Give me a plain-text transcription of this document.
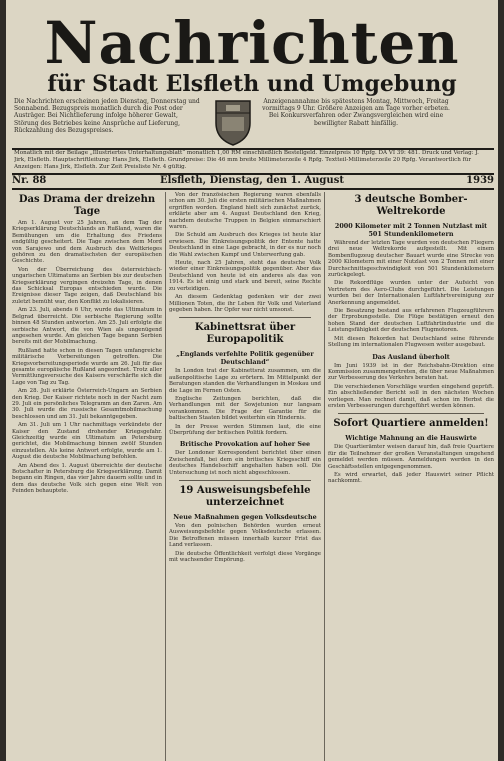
Nachrichten
für Stadt Elsfleth und Umgebung
Die Nachrichten erscheinen jeden Dienstag, Donnerstag und Sonnabend. Bezugspreis monatlich durch die Post oder Austräger. Bei Nichtlieferung infolge höherer Gewalt, Störung des Betriebes keine Ansprüche auf Lieferung, Rückzahlung des Bezugspreises.
Anzeigenannahme bis spätestens Montag, Mittwoch, Freitag vormittags 9 Uhr. Größere Anzeigen am Tage vorher erbeten. Bei Konkursverfahren oder Zwangsvergleichen wird eine bewilligter Rabatt hinfällig.
Monatlich mit der Beilage „Illustriertes Unterhaltungsblatt“ monatlich 1,00 RM einschließlich Bestellgeld. Einzelpreis 10 Rpfg. DA VI 39: 481. Druck und Verlag: J. Jirk, Elsfleth. Hauptschriftleitung: Hans Jirk, Elsfleth. Grundpreise: Die 46 mm breite Millimeterzeile 4 Rpfg. Textteil-Millimeterzeile 20 Rpfg. Verantwortlich für Anzeigen: Hans Jirk, Elsfleth. Zur Zeit Preisliste Nr. 4 gültig.
Nr. 88	Elsfleth, Dienstag, den 1. August	1939
Das Drama der dreizehn Tage

Am 1. August vor 25 Jahren, an dem Tag der Kriegserklärung Deutschlands an Rußland, waren die Bemühungen um die Erhaltung des Friedens endgültig gescheitert. Die Tage zwischen dem Mord von Sarajewo und dem Ausbruch des Weltkrieges gehören zu den dramatischsten der europäischen Geschichte.

Von der Überreichung des österreichisch-ungarischen Ultimatums an Serbien bis zur deutschen Kriegserklärung vergingen dreizehn Tage, in denen das Schicksal Europas entschieden wurde. Die Ereignisse dieser Tage zeigen, daß Deutschland bis zuletzt bemüht war, den Konflikt zu lokalisieren.

Am 23. Juli, abends 6 Uhr, wurde das Ultimatum in Belgrad überreicht. Die serbische Regierung sollte binnen 48 Stunden antworten. Am 25. Juli erfolgte die serbische Antwort, die von Wien als ungenügend angesehen wurde. Am gleichen Tage begann Serbien bereits mit der Mobilmachung.

Rußland hatte schon in diesen Tagen umfangreiche militärische Vorbereitungen getroffen. Die Kriegsvorbereitungsperiode wurde am 26. Juli für das gesamte europäische Rußland angeordnet. Trotz aller Vermittlungsversuche des Kaisers verschärfte sich die Lage von Tag zu Tag.

Am 28. Juli erklärte Österreich-Ungarn an Serbien den Krieg. Der Kaiser richtete noch in der Nacht zum 29. Juli ein persönliches Telegramm an den Zaren. Am 30. Juli wurde die russische Gesamtmobilmachung beschlossen und am 31. Juli bekanntgegeben.

Am 31. Juli um 1 Uhr nachmittags verkündete der Kaiser den Zustand drohender Kriegsgefahr. Gleichzeitig wurde ein Ultimatum an Petersburg gerichtet, die Mobilmachung binnen zwölf Stunden einzustellen. Als keine Antwort erfolgte, wurde am 1. August die deutsche Mobilmachung befohlen.

Am Abend des 1. August überreichte der deutsche Botschafter in Petersburg die Kriegserklärung. Damit begann ein Ringen, das vier Jahre dauern sollte und in dem das deutsche Volk sich gegen eine Welt von Feinden behauptete.

Von der französischen Regierung waren ebenfalls schon am 30. Juli die ersten militärischen Maßnahmen ergriffen worden. England hielt sich zunächst zurück, erklärte aber am 4. August Deutschland den Krieg, nachdem deutsche Truppen in Belgien einmarschiert waren.

Die Schuld am Ausbruch des Krieges ist heute klar erwiesen. Die Einkreisungspolitik der Entente hatte Deutschland in eine Lage gebracht, in der es nur noch die Wahl zwischen Kampf und Unterwerfung gab.

Heute, nach 25 Jahren, steht das deutsche Volk wieder einer Einkreisungspolitik gegenüber. Aber das Deutschland von heute ist ein anderes als das von 1914. Es ist einig und stark und bereit, seine Rechte zu verteidigen.

An diesem Gedenktag gedenken wir der zwei Millionen Toten, die ihr Leben für Volk und Vaterland gegeben haben. Ihr Opfer war nicht umsonst.

Kabinettsrat über Europapolitik
„Englands verfehlte Politik gegenüber Deutschland“

In London trat der Kabinettsrat zusammen, um die außenpolitische Lage zu erörtern. Im Mittelpunkt der Beratungen standen die Verhandlungen in Moskau und die Lage im Fernen Osten.

Englische Zeitungen berichten, daß die Verhandlungen mit der Sowjetunion nur langsam vorankommen. Die Frage der Garantie für die baltischen Staaten bildet weiterhin ein Hindernis.

In der Presse werden Stimmen laut, die eine Überprüfung der britischen Politik fordern.

Britische Provokation auf hoher See

Der Londoner Korrespondent berichtet über einen Zwischenfall, bei dem ein britisches Kriegsschiff ein deutsches Handelsschiff angehalten haben soll. Die Untersuchung ist noch nicht abgeschlossen.

19 Ausweisungsbefehle unterzeichnet
Neue Maßnahmen gegen Volksdeutsche

Von den polnischen Behörden wurden erneut Ausweisungsbefehle gegen Volksdeutsche erlassen. Die Betroffenen müssen innerhalb kurzer Frist das Land verlassen.

Die deutsche Öffentlichkeit verfolgt diese Vorgänge mit wachsender Empörung.

3 deutsche Bomber-Weltrekorde
2000 Kilometer mit 2 Tonnen Nutzlast mit 501 Stundenkilometern

Während der letzten Tage wurden von deutschen Fliegern drei neue Weltrekorde aufgestellt. Mit einem Bombenflugzeug deutscher Bauart wurde eine Strecke von 2000 Kilometern mit einer Nutzlast von 2 Tonnen mit einer Durchschnittsgeschwindigkeit von 501 Stundenkilometern zurückgelegt.

Die Rekordflüge wurden unter der Aufsicht von Vertretern des Aero-Clubs durchgeführt. Die Leistungen wurden bei der Internationalen Luftfahrtvereinigung zur Anerkennung angemeldet.

Die Besatzung bestand aus erfahrenen Flugzeugführern der Erprobungsstelle. Die Flüge bestätigen erneut den hohen Stand der deutschen Luftfahrtindustrie und die Leistungsfähigkeit der deutschen Flugmotoren.

Mit diesen Rekorden hat Deutschland seine führende Stellung im internationalen Flugwesen weiter ausgebaut.

Das Ausland überholt

Im Juni 1939 ist in der Reichsbahn-Direktion eine Kommission zusammengetreten, die über neue Maßnahmen zur Verbesserung des Verkehrs beraten hat.

Die verschiedenen Vorschläge wurden eingehend geprüft. Ein abschließender Bericht soll in den nächsten Wochen vorliegen. Man rechnet damit, daß schon im Herbst die ersten Verbesserungen durchgeführt werden können.

Sofort Quartiere anmelden!
Wichtige Mahnung an die Hauswirte

Die Quartierämter weisen darauf hin, daß freie Quartiere für die Teilnehmer der großen Veranstaltungen umgehend gemeldet werden müssen. Anmeldungen werden in den Geschäftsstellen entgegengenommen.

Es wird erwartet, daß jeder Hauswirt seiner Pflicht nachkommt.
